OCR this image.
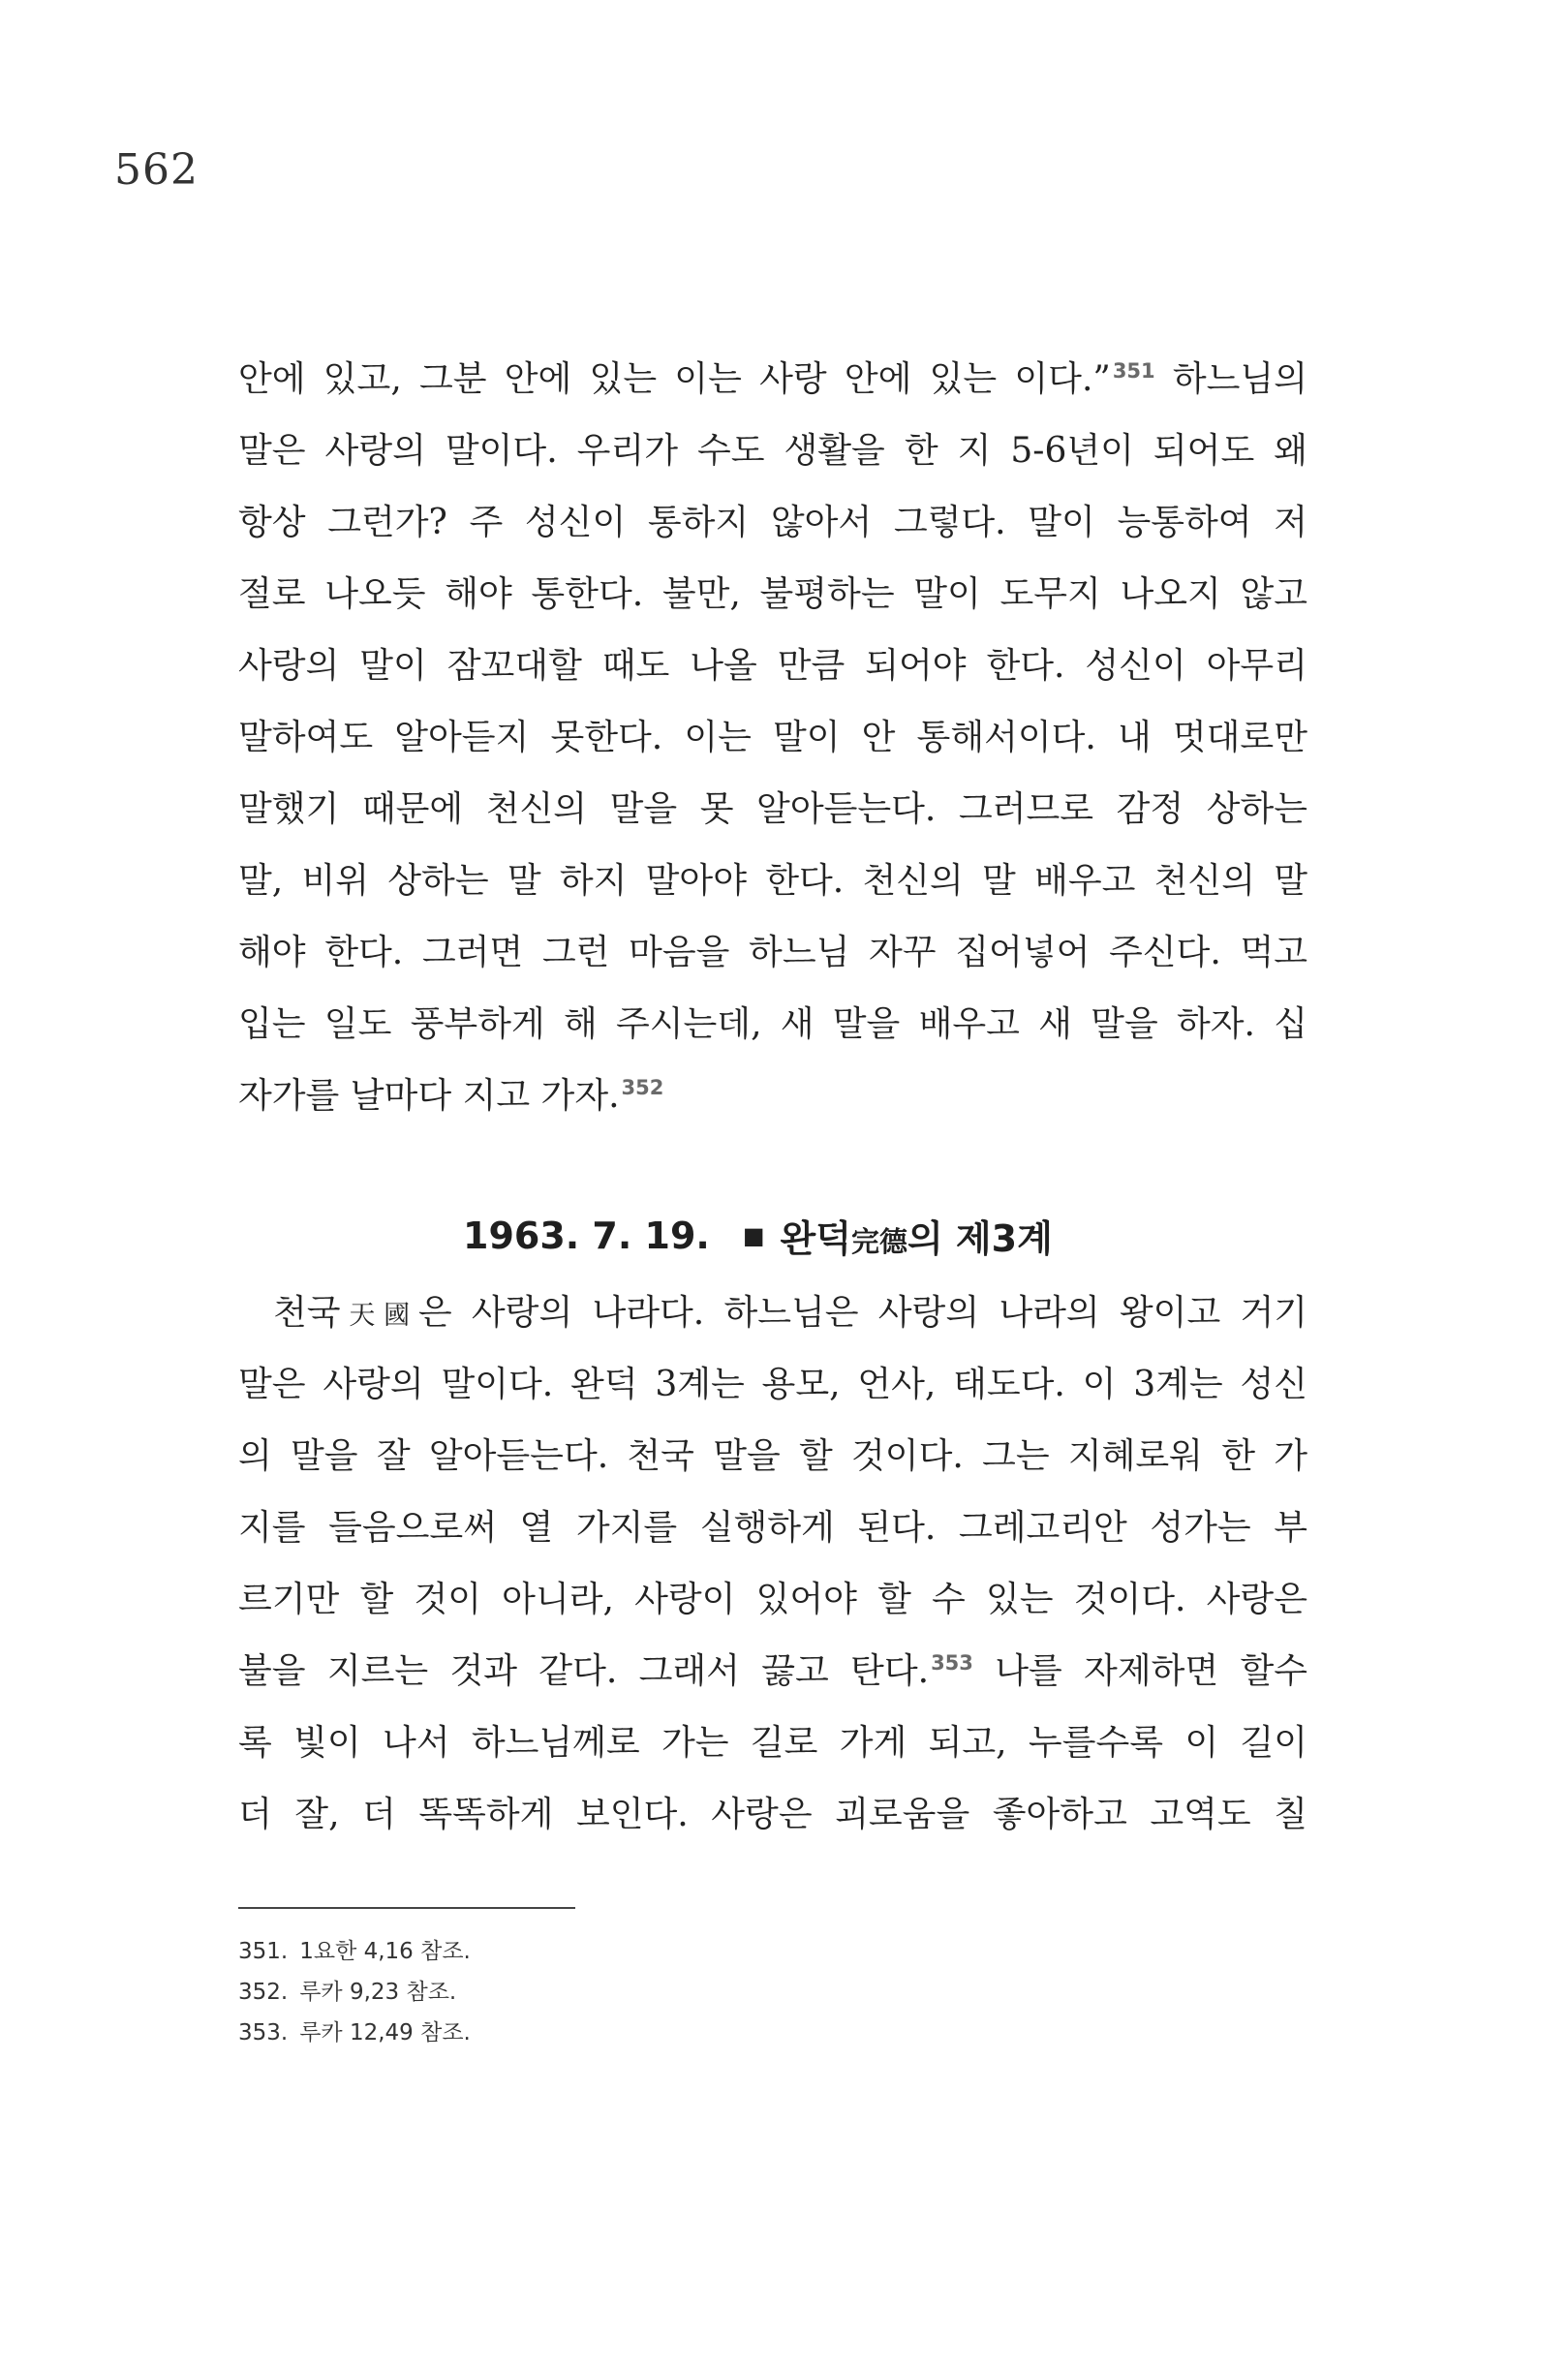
562
안에 있고, 그분 안에 있는 이는 사랑 안에 있는 이다.”$^{351}$ 하느님의
말은 사랑의 말이다. 우리가 수도 생활을 한 지 5-6년이 되어도 왜
항상 그런가? 주 성신이 통하지 않아서 그렇다. 말이 능통하여 저
절로 나오듯 해야 통한다. 불만, 불평하는 말이 도무지 나오지 않고
사랑의 말이 잠꼬대할 때도 나올 만큼 되어야 한다. 성신이 아무리
말하여도 알아듣지 못한다. 이는 말이 안 통해서이다. 내 멋대로만
말했기 때문에 천신의 말을 못 알아듣는다. 그러므로 감정 상하는
말, 비위 상하는 말 하지 말아야 한다. 천신의 말 배우고 천신의 말
해야 한다. 그러면 그런 마음을 하느님 자꾸 집어넣어 주신다. 먹고
입는 일도 풍부하게 해 주시는데, 새 말을 배우고 새 말을 하자. 십
자가를 날마다 지고 가자.$^{352}$
1963. 7. 19. ■ 완덕完德의 제3계
천국天國은 사랑의 나라다. 하느님은 사랑의 나라의 왕이고 거기
말은 사랑의 말이다. 완덕 3계는 용모, 언사, 태도다. 이 3계는 성신
의 말을 잘 알아듣는다. 천국 말을 할 것이다. 그는 지혜로워 한 가
지를 들음으로써 열 가지를 실행하게 된다. 그레고리안 성가는 부
르기만 할 것이 아니라, 사랑이 있어야 할 수 있는 것이다. 사랑은
불을 지르는 것과 같다. 그래서 끓고 탄다.$^{353}$ 나를 자제하면 할수
록 빛이 나서 하느님께로 가는 길로 가게 되고, 누를수록 이 길이
더 잘, 더 똑똑하게 보인다. 사랑은 괴로움을 좋아하고 고역도 칠
351. 1요한 4,16 참조.
352. 루카 9,23 참조.
353. 루카 12,49 참조.
